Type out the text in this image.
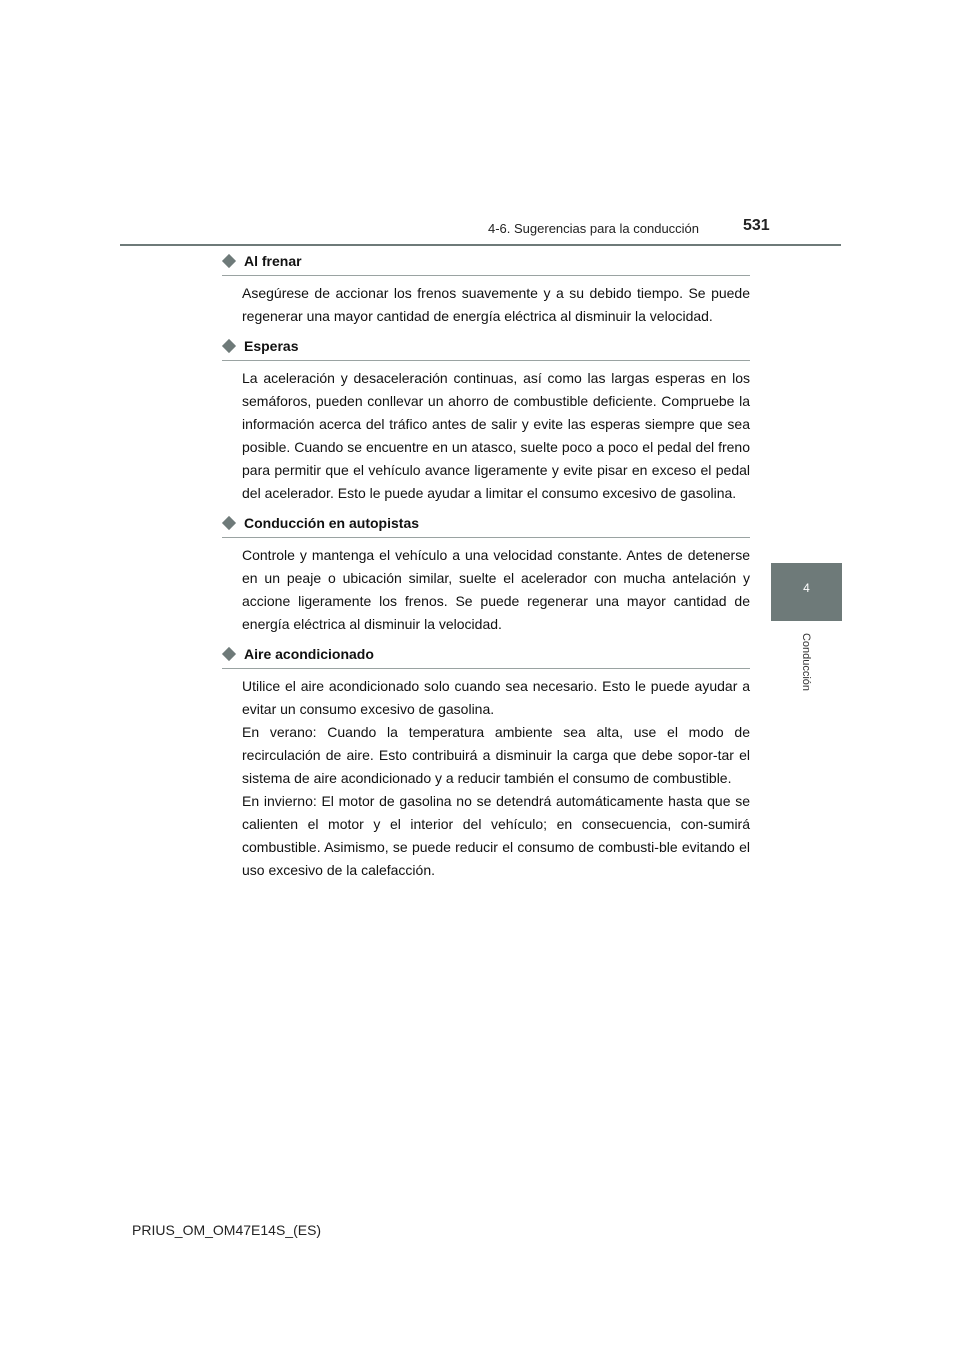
4-6. Sugerencias para la conducción	531
4
Conducción
Al frenar

Asegúrese de accionar los frenos suavemente y a su debido tiempo. Se puede regenerar una mayor cantidad de energía eléctrica al disminuir la velocidad.

Esperas

La aceleración y desaceleración continuas, así como las largas esperas en los semáforos, pueden conllevar un ahorro de combustible deficiente. Compruebe la información acerca del tráfico antes de salir y evite las esperas siempre que sea posible. Cuando se encuentre en un atasco, suelte poco a poco el pedal del freno para permitir que el vehículo avance ligeramente y evite pisar en exceso el pedal del acelerador. Esto le puede ayudar a limitar el consumo excesivo de gasolina.

Conducción en autopistas

Controle y mantenga el vehículo a una velocidad constante. Antes de detenerse en un peaje o ubicación similar, suelte el acelerador con mucha antelación y accione ligeramente los frenos. Se puede regenerar una mayor cantidad de energía eléctrica al disminuir la velocidad.

Aire acondicionado

Utilice el aire acondicionado solo cuando sea necesario. Esto le puede ayudar a evitar un consumo excesivo de gasolina.

En verano: Cuando la temperatura ambiente sea alta, use el modo de recirculación de aire. Esto contribuirá a disminuir la carga que debe sopor-tar el sistema de aire acondicionado y a reducir también el consumo de combustible.

En invierno: El motor de gasolina no se detendrá automáticamente hasta que se calienten el motor y el interior del vehículo; en consecuencia, con-sumirá combustible. Asimismo, se puede reducir el consumo de combusti-ble evitando el uso excesivo de la calefacción.

PRIUS_OM_OM47E14S_(ES)
